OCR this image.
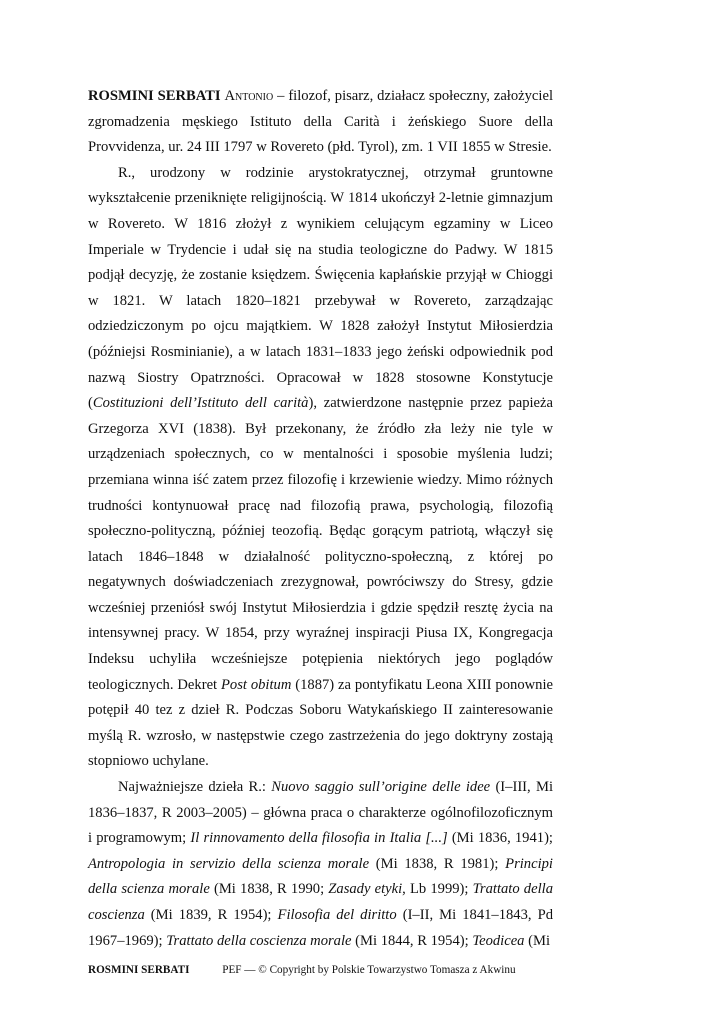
ROSMINI SERBATI Antonio – filozof, pisarz, działacz społeczny, założyciel zgromadzenia męskiego Istituto della Carità i żeńskiego Suore della Provvidenza, ur. 24 III 1797 w Rovereto (płd. Tyrol), zm. 1 VII 1855 w Stresie.

R., urodzony w rodzinie arystokratycznej, otrzymał gruntowne wykształcenie przeniknięte religijnością. W 1814 ukończył 2-letnie gimnazjum w Rovereto. W 1816 złożył z wynikiem celującym egzaminy w Liceo Imperiale w Trydencie i udał się na studia teologiczne do Padwy. W 1815 podjął decyzję, że zostanie księdzem. Święcenia kapłańskie przyjął w Chioggi w 1821. W latach 1820–1821 przebywał w Rovereto, zarządzając odziedziczonym po ojcu majątkiem. W 1828 założył Instytut Miłosierdzia (późniejsi Rosminianie), a w latach 1831–1833 jego żeński odpowiednik pod nazwą Siostry Opatrzności. Opracował w 1828 stosowne Konstytucje (Costituzioni dell’Istituto dell carità), zatwierdzone następnie przez papieża Grzegorza XVI (1838). Był przekonany, że źródło zła leży nie tyle w urządzeniach społecznych, co w mentalności i sposobie myślenia ludzi; przemiana winna iść zatem przez filozofię i krzewienie wiedzy. Mimo różnych trudności kontynuował pracę nad filozofią prawa, psychologią, filozofią społeczno-polityczną, później teozofią. Będąc gorącym patriotą, włączył się latach 1846–1848 w działalność polityczno-społeczną, z której po negatywnych doświadczeniach zrezygnował, powróciwszy do Stresy, gdzie wcześniej przeniósł swój Instytut Miłosierdzia i gdzie spędził resztę życia na intensywnej pracy. W 1854, przy wyraźnej inspiracji Piusa IX, Kongregacja Indeksu uchyliła wcześniejsze potępienia niektórych jego poglądów teologicznych. Dekret Post obitum (1887) za pontyfikatu Leona XIII ponownie potępił 40 tez z dzieł R. Podczas Soboru Watykańskiego II zainteresowanie myślą R. wzrosło, w następstwie czego zastrzeżenia do jego doktryny zostają stopniowo uchylane.

Najważniejsze dzieła R.: Nuovo saggio sull’origine delle idee (I–III, Mi 1836–1837, R 2003–2005) – główna praca o charakterze ogólnofilozoficznym i programowym; Il rinnovamento della filosofia in Italia [...] (Mi 1836, 1941); Antropologia in servizio della scienza morale (Mi 1838, R 1981); Principi della scienza morale (Mi 1838, R 1990; Zasady etyki, Lb 1999); Trattato della coscienza (Mi 1839, R 1954); Filosofia del diritto (I–II, Mi 1841–1843, Pd 1967–1969); Trattato della coscienza morale (Mi 1844, R 1954); Teodicea (Mi

ROSMINI SERBATI	PEF — © Copyright by Polskie Towarzystwo Tomasza z Akwinu
